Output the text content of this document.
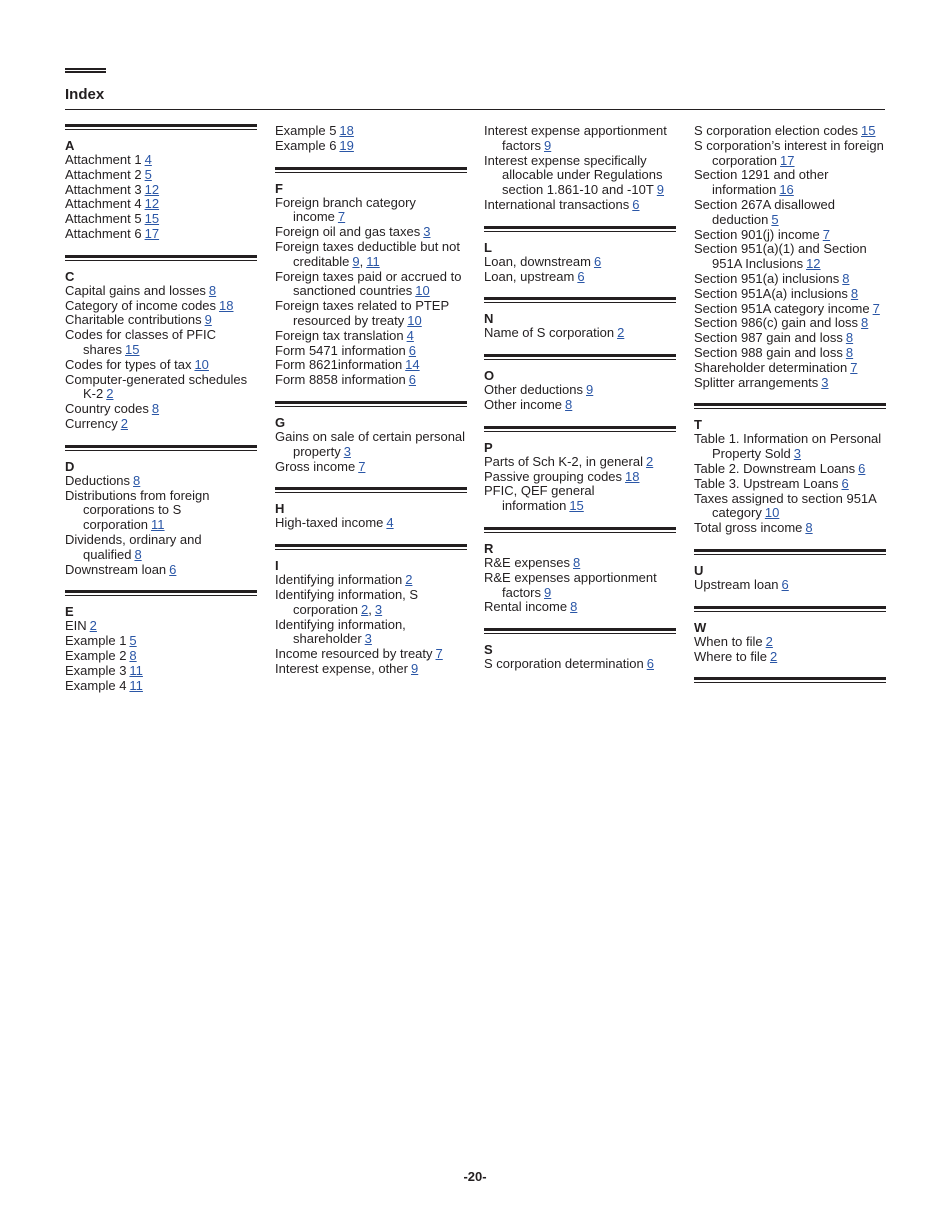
Index
A
Attachment 1 4
Attachment 2 5
Attachment 3 12
Attachment 4 12
Attachment 5 15
Attachment 6 17
C
Capital gains and losses 8
Category of income codes 18
Charitable contributions 9
Codes for classes of PFIC shares 15
Codes for types of tax 10
Computer-generated schedules K-2 2
Country codes 8
Currency 2
D
Deductions 8
Distributions from foreign corporations to S corporation 11
Dividends, ordinary and qualified 8
Downstream loan 6
E
EIN 2
Example 1 5
Example 2 8
Example 3 11
Example 4 11
Example 5 18
Example 6 19
F
Foreign branch category income 7
Foreign oil and gas taxes 3
Foreign taxes deductible but not creditable 9, 11
Foreign taxes paid or accrued to sanctioned countries 10
Foreign taxes related to PTEP resourced by treaty 10
Foreign tax translation 4
Form 5471 information 6
Form 8621information 14
Form 8858 information 6
G
Gains on sale of certain personal property 3
Gross income 7
H
High-taxed income 4
I
Identifying information 2
Identifying information, S corporation 2, 3
Identifying information, shareholder 3
Income resourced by treaty 7
Interest expense, other 9
Interest expense apportionment factors 9
Interest expense specifically allocable under Regulations section 1.861-10 and -10T 9
International transactions 6
L
Loan, downstream 6
Loan, upstream 6
N
Name of S corporation 2
O
Other deductions 9
Other income 8
P
Parts of Sch K-2, in general 2
Passive grouping codes 18
PFIC, QEF general information 15
R
R&E expenses 8
R&E expenses apportionment factors 9
Rental income 8
S
S corporation determination 6
S corporation election codes 15
S corporation’s interest in foreign corporation 17
Section 1291 and other information 16
Section 267A disallowed deduction 5
Section 901(j) income 7
Section 951(a)(1) and Section 951A Inclusions 12
Section 951(a) inclusions 8
Section 951A(a) inclusions 8
Section 951A category income 7
Section 986(c) gain and loss 8
Section 987 gain and loss 8
Section 988 gain and loss 8
Shareholder determination 7
Splitter arrangements 3
T
Table 1. Information on Personal Property Sold 3
Table 2. Downstream Loans 6
Table 3. Upstream Loans 6
Taxes assigned to section 951A category 10
Total gross income 8
U
Upstream loan 6
W
When to file 2
Where to file 2
-20-
